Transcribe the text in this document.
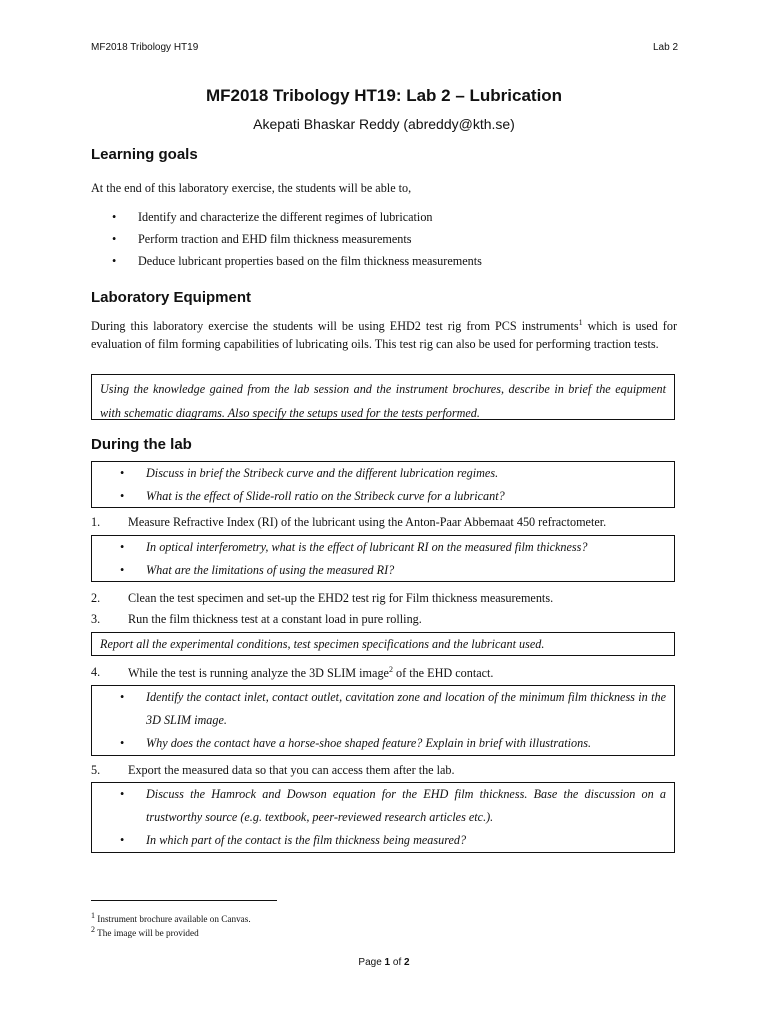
MF2018 Tribology HT19	Lab 2
MF2018 Tribology HT19: Lab 2 – Lubrication
Akepati Bhaskar Reddy (abreddy@kth.se)
Learning goals
At the end of this laboratory exercise, the students will be able to,
• Identify and characterize the different regimes of lubrication
• Perform traction and EHD film thickness measurements
• Deduce lubricant properties based on the film thickness measurements
Laboratory Equipment
During this laboratory exercise the students will be using EHD2 test rig from PCS instruments$^1$ which is used for evaluation of film forming capabilities of lubricating oils. This test rig can also be used for performing traction tests.
Using the knowledge gained from the lab session and the instrument brochures, describe in brief the equipment with schematic diagrams. Also specify the setups used for the tests performed.
During the lab
• Discuss in brief the Stribeck curve and the different lubrication regimes.
• What is the effect of Slide-roll ratio on the Stribeck curve for a lubricant?
1. Measure Refractive Index (RI) of the lubricant using the Anton-Paar Abbemaat 450 refractometer.
• In optical interferometry, what is the effect of lubricant RI on the measured film thickness?
• What are the limitations of using the measured RI?
2. Clean the test specimen and set-up the EHD2 test rig for Film thickness measurements.
3. Run the film thickness test at a constant load in pure rolling.
Report all the experimental conditions, test specimen specifications and the lubricant used.
4. While the test is running analyze the 3D SLIM image$^2$ of the EHD contact.
• Identify the contact inlet, contact outlet, cavitation zone and location of the minimum film thickness in the 3D SLIM image.
• Why does the contact have a horse-shoe shaped feature? Explain in brief with illustrations.
5. Export the measured data so that you can access them after the lab.
• Discuss the Hamrock and Dowson equation for the EHD film thickness. Base the discussion on a trustworthy source (e.g. textbook, peer-reviewed research articles etc.).
• In which part of the contact is the film thickness being measured?
$^1$ Instrument brochure available on Canvas.
$^2$ The image will be provided
Page 1 of 2
